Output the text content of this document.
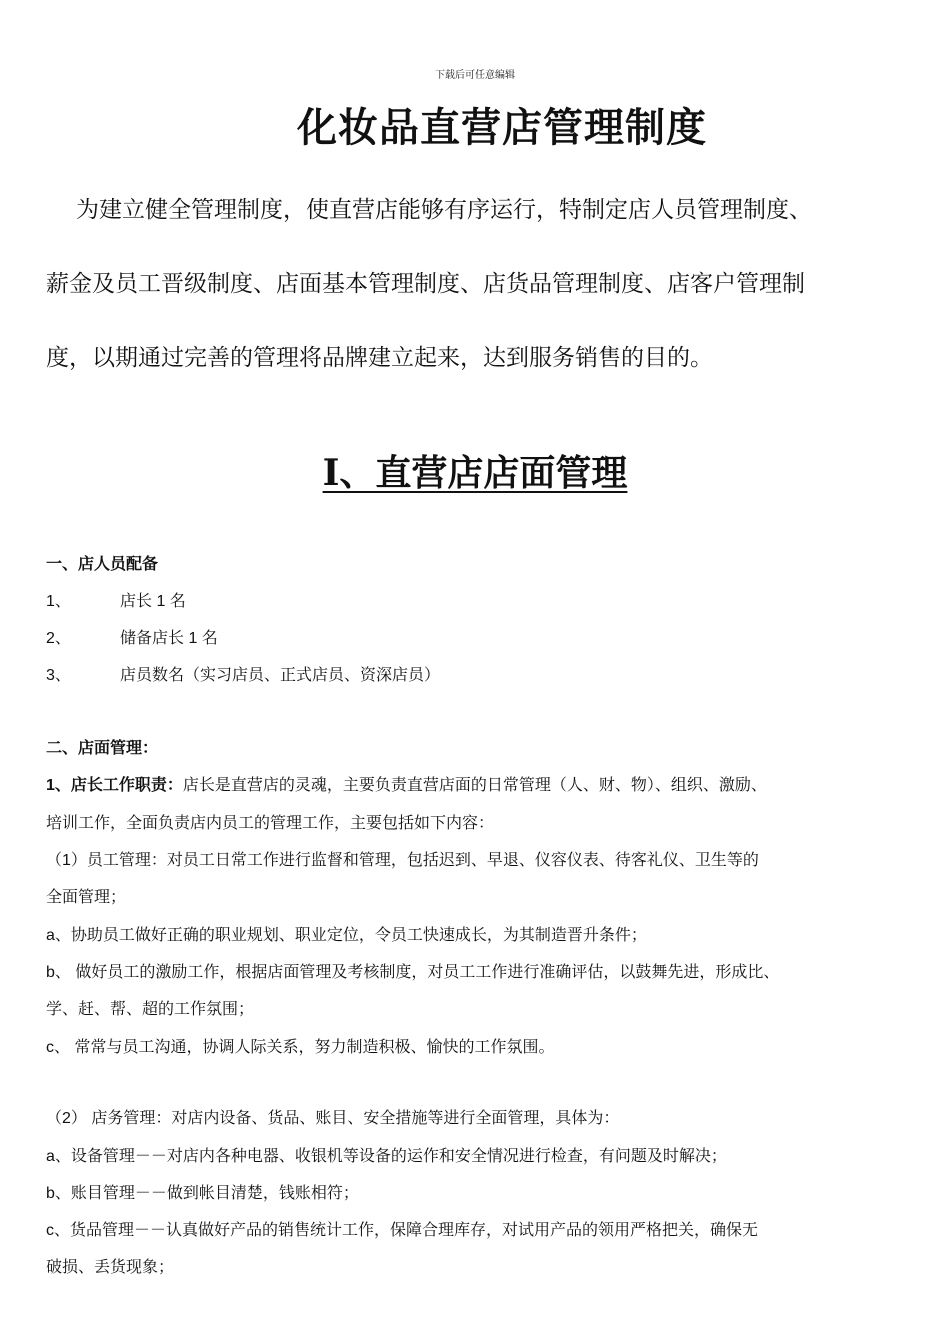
下载后可任意编辑
化妆品直营店管理制度
为建立健全管理制度，使直营店能够有序运行，特制定店人员管理制度、
薪金及员工晋级制度、店面基本管理制度、店货品管理制度、店客户管理制
度，以期通过完善的管理将品牌建立起来，达到服务销售的目的。
I、直营店店面管理
一、店人员配备
1、	店长 1 名
2、	储备店长 1 名
3、	店员数名（实习店员、正式店员、资深店员）
二、店面管理：
1、店长工作职责：店长是直营店的灵魂，主要负责直营店面的日常管理（人、财、物）、组织、激励、
培训工作，全面负责店内员工的管理工作，主要包括如下内容：
（1）员工管理：对员工日常工作进行监督和管理，包括迟到、早退、仪容仪表、待客礼仪、卫生等的
全面管理；
a、协助员工做好正确的职业规划、职业定位，令员工快速成长，为其制造晋升条件；
b、 做好员工的激励工作，根据店面管理及考核制度，对员工工作进行准确评估，以鼓舞先进，形成比、
学、赶、帮、超的工作氛围；
c、 常常与员工沟通，协调人际关系，努力制造积极、愉快的工作氛围。
（2） 店务管理：对店内设备、货品、账目、安全措施等进行全面管理，具体为：
a、设备管理－－对店内各种电器、收银机等设备的运作和安全情况进行检查，有问题及时解决；
b、账目管理－－做到帐目清楚，钱账相符；
c、货品管理－－认真做好产品的销售统计工作，保障合理库存，对试用产品的领用严格把关，确保无
破损、丢货现象；
